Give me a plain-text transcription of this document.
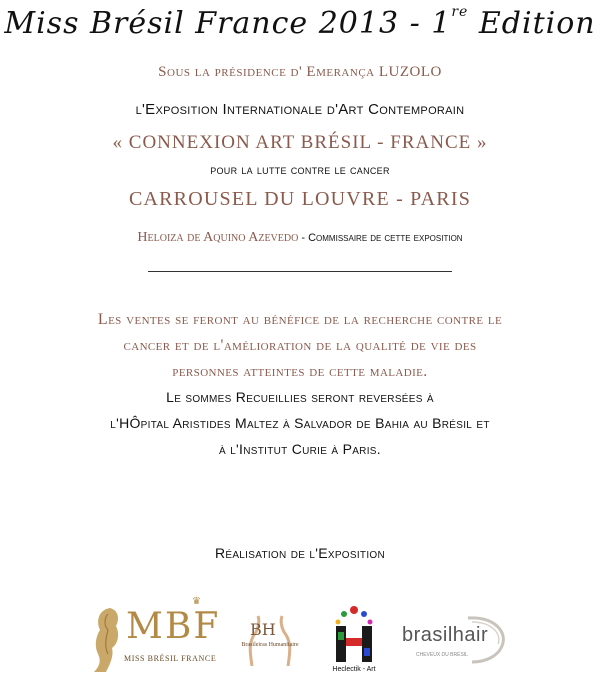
Miss Brésil France 2013 - 1re Edition
Sous la présidence d' Emerança LUZOLO
l'Exposition Internationale d'Art Contemporain
« CONNEXION ART BRÉSIL - FRANCE »
pour la lutte contre le cancer
CARROUSEL DU LOUVRE - PARIS
Heloiza de Aquino Azevedo - Commissaire de cette exposition
Les ventes se feront au bénéfice de la recherche contre le
cancer et de l'amélioration de la qualité de vie des
personnes atteintes de cette maladie.
Le sommes Recueillies seront reversées à
l'HÔpital Aristides Maltez à Salvador de Bahia au Brésil et
à l'Institut Curie à Paris.
Réalisation de l'Exposition
♛
MBF
MISS BRÉSIL FRANCE
BH
Brasileiras Humanitaire
Heclectik - Art
brasilhair
CHEVEUX DU BRÉSIL
